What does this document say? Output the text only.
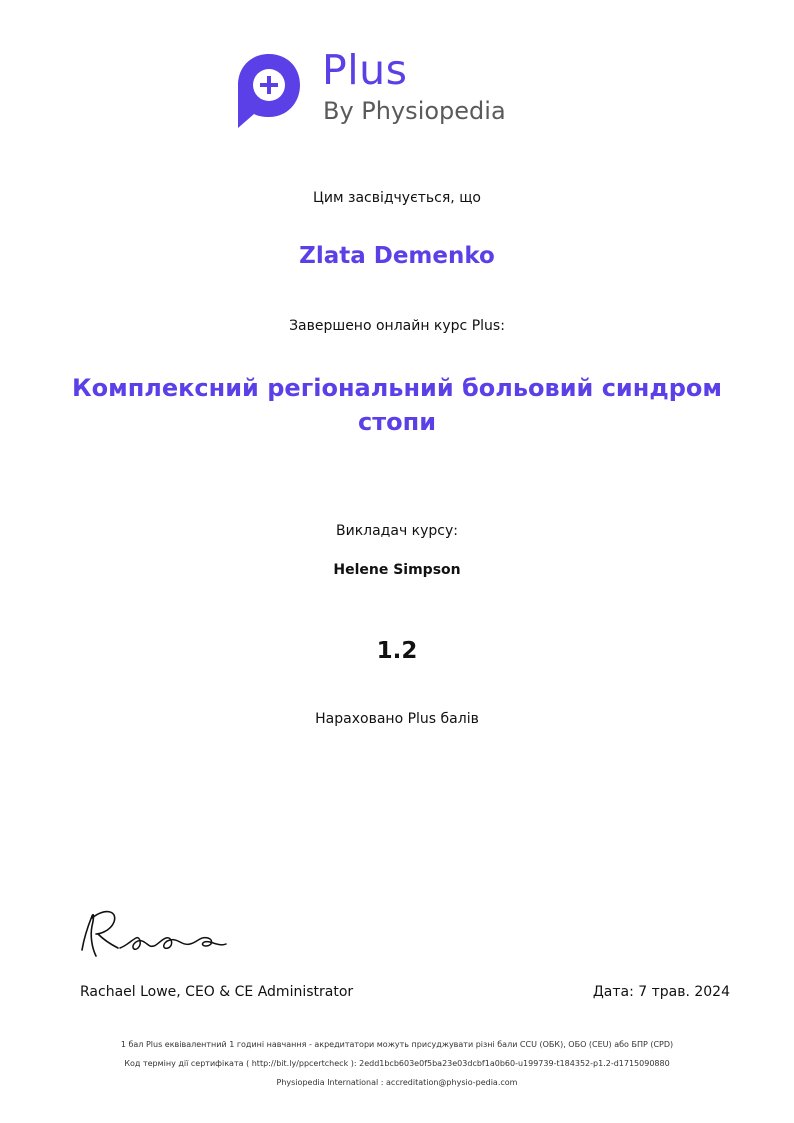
Plus
By Physiopedia
Цим засвідчується, що
Zlata Demenko
Завершено онлайн курс Plus:
Комплексний регіональний больовий синдром стопи
Викладач курсу:
Helene Simpson
1.2
Нараховано Plus балів
Rachael Lowe, CEO & CE Administrator	Дата: 7 трав. 2024
1 бал Plus еквівалентний 1 годині навчання - акредитатори можуть присуджувати різні бали CCU (ОБК), OБО (CEU) або БПР (CPD)
Код терміну дії сертифіката ( http://bit.ly/ppcertcheck ): 2edd1bcb603e0f5ba23e03dcbf1a0b60-u199739-t184352-p1.2-d1715090880
Physiopedia International : accreditation@physio-pedia.com
